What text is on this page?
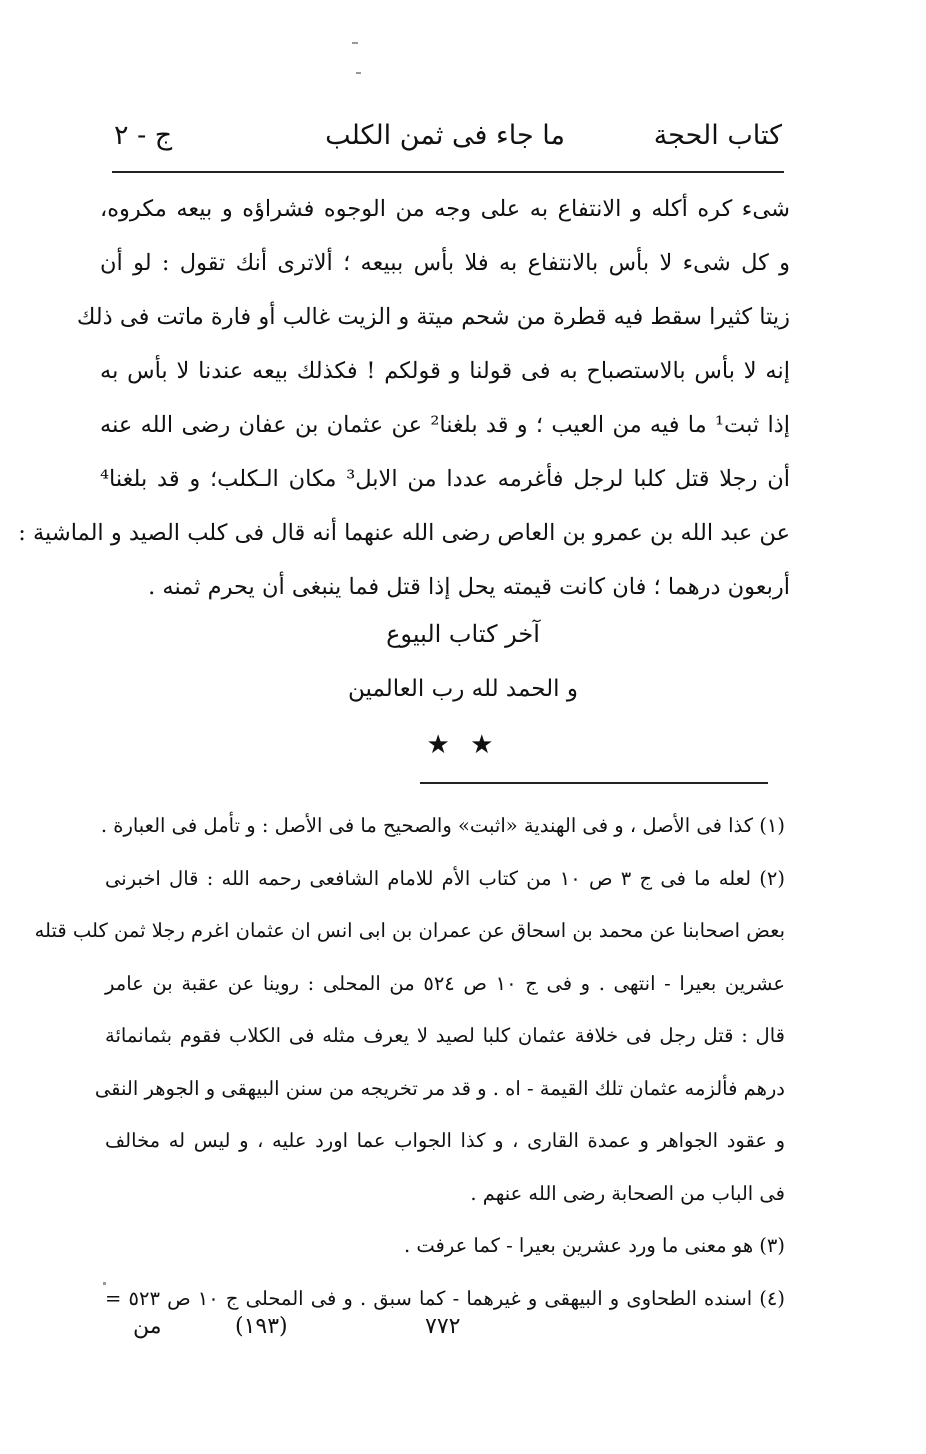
كتاب الحجة
ما جاء فى ثمن الكلب
ج - ٢

شىء كره أكله و الانتفاع به على وجه من الوجوه فشراؤه و بيعه مكروه،

و كل شىء لا بأس بالانتفاع به فلا بأس ببيعه ؛ ألاترى أنك تقول : لو أن

زيتا كثيرا سقط فيه قطرة من شحم ميتة و الزيت غالب أو فارة ماتت فى ذلك

إنه لا بأس بالاستصباح به فى قولنا و قولكم ! فكذلك بيعه عندنا لا بأس به

إذا ثبت¹ ما فيه من العيب ؛ و قد بلغنا² عن عثمان بن عفان رضى الله عنه

أن رجلا قتل كلبا لرجل فأغرمه عددا من الابل³ مكان الـكلب؛ و قد بلغنا⁴

عن عبد الله بن عمرو بن العاص رضى الله عنهما أنه قال فى كلب الصيد و الماشية :

أربعون درهما ؛ فان كانت قيمته يحل إذا قتل فما ينبغى أن يحرم ثمنه .

آخر كتاب البيوع
و الحمد لله رب العالمين
★ ★

(١) كذا فى الأصل ، و فى الهندية «اثبت» والصحيح ما فى الأصل : و تأمل فى العبارة .

(٢) لعله ما فى ج ٣ ص ١٠ من كتاب الأم للامام الشافعى رحمه الله : قال اخبرنى

بعض اصحابنا عن محمد بن اسحاق عن عمران بن ابى انس ان عثمان اغرم رجلا ثمن كلب قتله

عشرين بعيرا - انتهى . و فى ج ١٠ ص ٥٢٤ من المحلى : روينا عن عقبة بن عامر

قال : قتل رجل فى خلافة عثمان كلبا لصيد لا يعرف مثله فى الكلاب فقوم بثمانمائة

درهم فألزمه عثمان تلك القيمة - اه . و قد مر تخريجه من سنن البيهقى و الجوهر النقى

و عقود الجواهر و عمدة القارى ، و كذا الجواب عما اورد عليه ، و ليس له مخالف

فى الباب من الصحابة رضى الله عنهم .

(٣) هو معنى ما ورد عشرين بعيرا - كما عرفت .

(٤) اسنده الطحاوى و البيهقى و غيرهما - كما سبق . و فى المحلى ج ١٠ ص ٥٢٣ =

من	(١٩٣)	٧٧٢
